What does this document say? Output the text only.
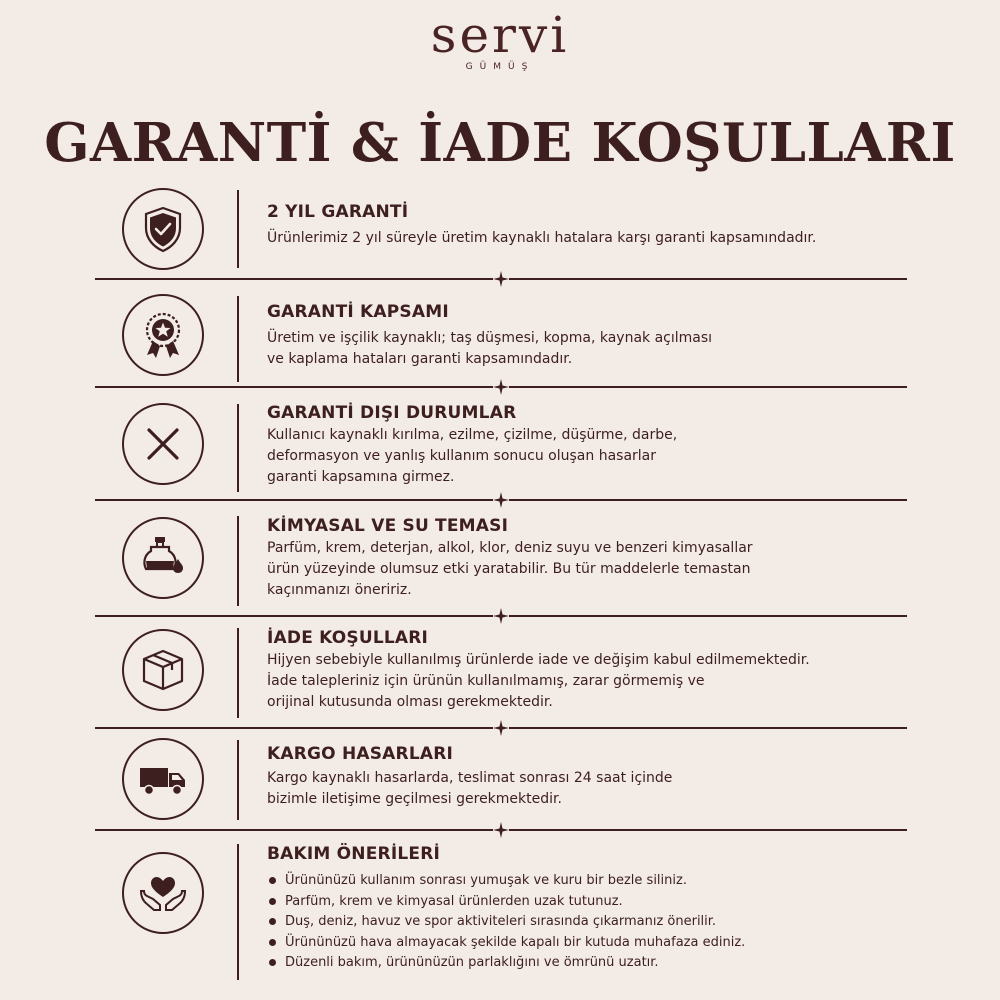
servi
GÜMÜŞ
GARANTİ & İADE KOŞULLARI
2 YIL GARANTİ
Ürünlerimiz 2 yıl süreyle üretim kaynaklı hatalara karşı garanti kapsamındadır.
GARANTİ KAPSAMI
Üretim ve işçilik kaynaklı; taş düşmesi, kopma, kaynak açılması
ve kaplama hataları garanti kapsamındadır.
GARANTİ DIŞI DURUMLAR
Kullanıcı kaynaklı kırılma, ezilme, çizilme, düşürme, darbe,
deformasyon ve yanlış kullanım sonucu oluşan hasarlar
garanti kapsamına girmez.
KİMYASAL VE SU TEMASI
Parfüm, krem, deterjan, alkol, klor, deniz suyu ve benzeri kimyasallar
ürün yüzeyinde olumsuz etki yaratabilir. Bu tür maddelerle temastan
kaçınmanızı öneririz.
İADE KOŞULLARI
Hijyen sebebiyle kullanılmış ürünlerde iade ve değişim kabul edilmemektedir.
İade talepleriniz için ürünün kullanılmamış, zarar görmemiş ve
orijinal kutusunda olması gerekmektedir.
KARGO HASARLARI
Kargo kaynaklı hasarlarda, teslimat sonrası 24 saat içinde
bizimle iletişime geçilmesi gerekmektedir.
BAKIM ÖNERİLERİ
Ürününüzü kullanım sonrası yumuşak ve kuru bir bezle siliniz.
Parfüm, krem ve kimyasal ürünlerden uzak tutunuz.
Duş, deniz, havuz ve spor aktiviteleri sırasında çıkarmanız önerilir.
Ürününüzü hava almayacak şekilde kapalı bir kutuda muhafaza ediniz.
Düzenli bakım, ürününüzün parlaklığını ve ömrünü uzatır.
